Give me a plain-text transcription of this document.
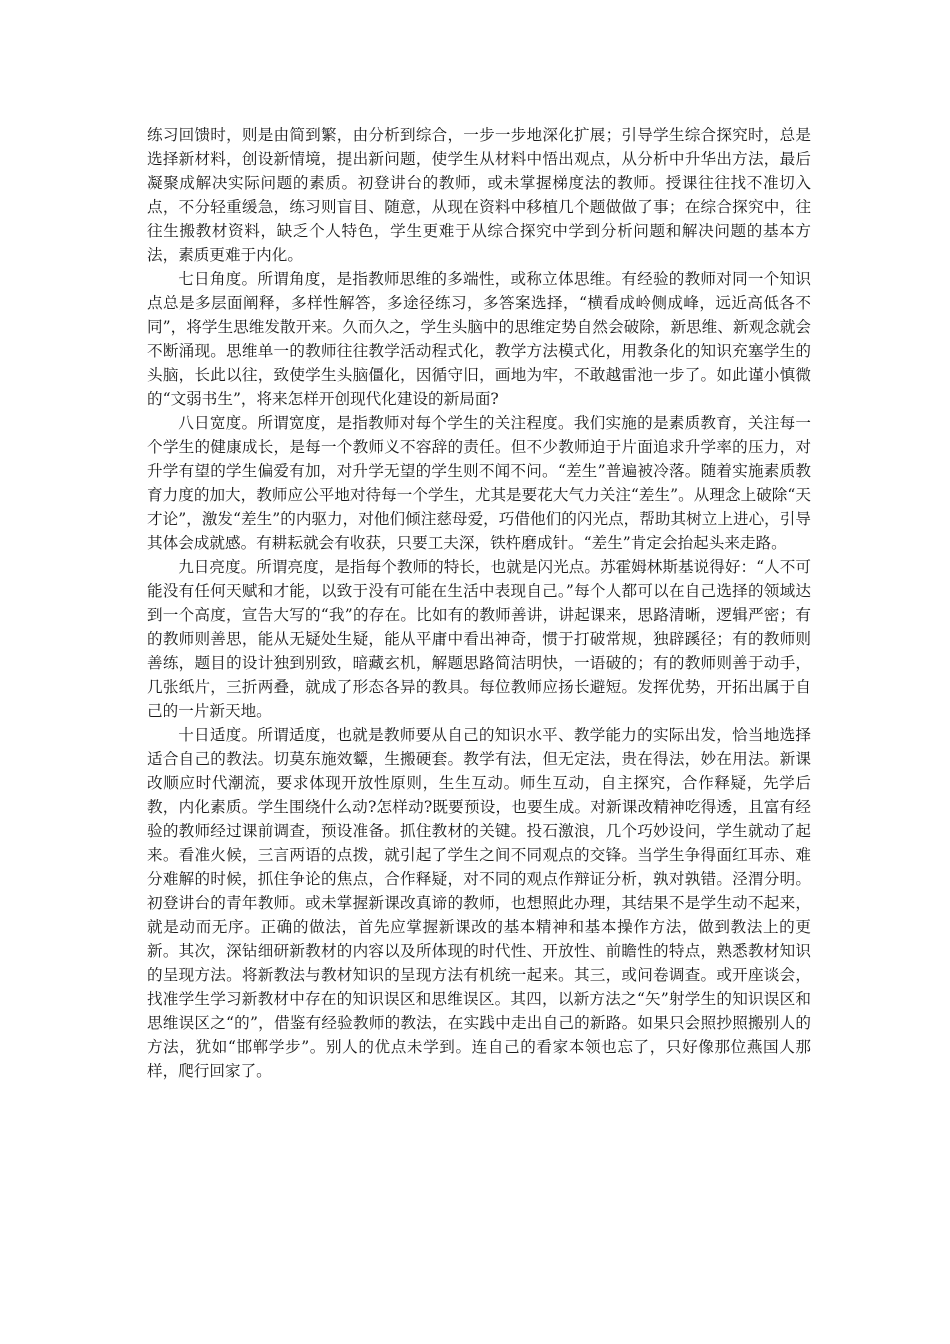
练习回馈时，则是由简到繁，由分析到综合，一步一步地深化扩展；引导学生综合探究时，总是选择新材料，创设新情境，提出新问题，使学生从材料中悟出观点，从分析中升华出方法，最后凝聚成解决实际问题的素质。初登讲台的教师，或未掌握梯度法的教师。授课往往找不准切入点，不分轻重缓急，练习则盲目、随意，从现在资料中移植几个题做做了事；在综合探究中，往往生搬教材资料，缺乏个人特色，学生更难于从综合探究中学到分析问题和解决问题的基本方法，素质更难于内化。

七日角度。所谓角度，是指教师思维的多端性，或称立体思维。有经验的教师对同一个知识点总是多层面阐释，多样性解答，多途径练习，多答案选择，“横看成岭侧成峰，远近高低各不同”，将学生思维发散开来。久而久之，学生头脑中的思维定势自然会破除，新思维、新观念就会不断涌现。思维单一的教师往往教学活动程式化，教学方法模式化，用教条化的知识充塞学生的头脑，长此以往，致使学生头脑僵化，因循守旧，画地为牢，不敢越雷池一步了。如此谨小慎微的“文弱书生”，将来怎样开创现代化建设的新局面?

八日宽度。所谓宽度，是指教师对每个学生的关注程度。我们实施的是素质教育，关注每一个学生的健康成长，是每一个教师义不容辞的责任。但不少教师迫于片面追求升学率的压力，对升学有望的学生偏爱有加，对升学无望的学生则不闻不问。“差生”普遍被冷落。随着实施素质教育力度的加大，教师应公平地对待每一个学生，尤其是要花大气力关注“差生”。从理念上破除“天才论”，激发“差生”的内驱力，对他们倾注慈母爱，巧借他们的闪光点，帮助其树立上进心，引导其体会成就感。有耕耘就会有收获，只要工夫深，铁杵磨成针。“差生”肯定会抬起头来走路。

九日亮度。所谓亮度，是指每个教师的特长，也就是闪光点。苏霍姆林斯基说得好：“人不可能没有任何天赋和才能，以致于没有可能在生活中表现自己。”每个人都可以在自己选择的领域达到一个高度，宣告大写的“我”的存在。比如有的教师善讲，讲起课来，思路清晰，逻辑严密；有的教师则善思，能从无疑处生疑，能从平庸中看出神奇，惯于打破常规，独辟蹊径；有的教师则善练，题目的设计独到别致，暗藏玄机，解题思路简洁明快，一语破的；有的教师则善于动手，几张纸片，三折两叠，就成了形态各异的教具。每位教师应扬长避短。发挥优势，开拓出属于自己的一片新天地。

十日适度。所谓适度，也就是教师要从自己的知识水平、教学能力的实际出发，恰当地选择适合自己的教法。切莫东施效颦，生搬硬套。教学有法，但无定法，贵在得法，妙在用法。新课改顺应时代潮流，要求体现开放性原则，生生互动。师生互动，自主探究，合作释疑，先学后教，内化素质。学生围绕什么动?怎样动?既要预设，也要生成。对新课改精神吃得透，且富有经验的教师经过课前调查，预设准备。抓住教材的关键。投石激浪，几个巧妙设问，学生就动了起来。看准火候，三言两语的点拨，就引起了学生之间不同观点的交锋。当学生争得面红耳赤、难分难解的时候，抓住争论的焦点，合作释疑，对不同的观点作辩证分析，孰对孰错。泾渭分明。初登讲台的青年教师。或未掌握新课改真谛的教师，也想照此办理，其结果不是学生动不起来，就是动而无序。正确的做法，首先应掌握新课改的基本精神和基本操作方法，做到教法上的更新。其次，深钻细研新教材的内容以及所体现的时代性、开放性、前瞻性的特点，熟悉教材知识的呈现方法。将新教法与教材知识的呈现方法有机统一起来。其三，或问卷调查。或开座谈会，找准学生学习新教材中存在的知识误区和思维误区。其四，以新方法之“矢”射学生的知识误区和思维误区之“的”，借鉴有经验教师的教法，在实践中走出自己的新路。如果只会照抄照搬别人的方法，犹如“邯郸学步”。别人的优点未学到。连自己的看家本领也忘了，只好像那位燕国人那样，爬行回家了。
